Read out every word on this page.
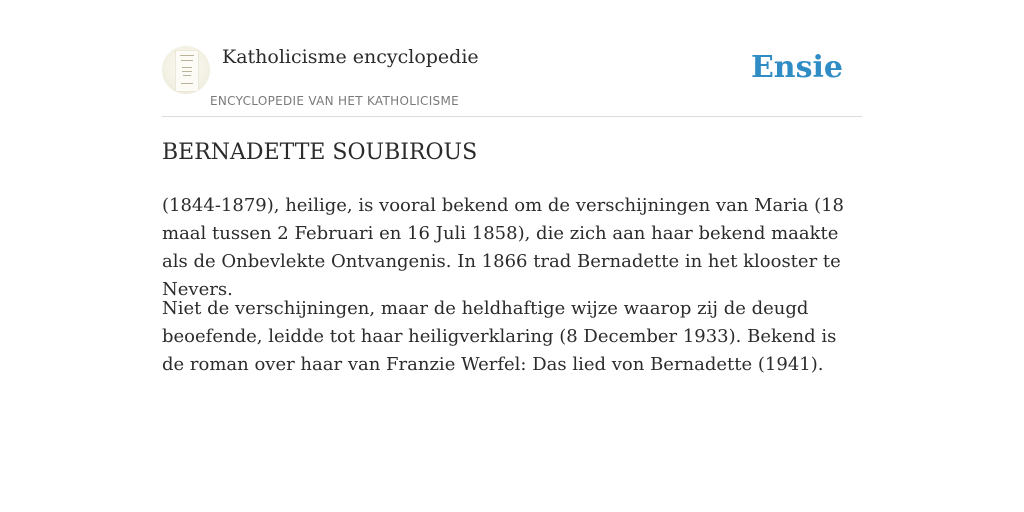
Katholicisme encyclopedie
ENCYCLOPEDIE VAN HET KATHOLICISME
Ensie
BERNADETTE SOUBIROUS

(1844-1879), heilige, is vooral bekend om de verschijningen van Maria (18 maal tussen 2 Februari en 16 Juli 1858), die zich aan haar bekend maakte als de Onbevlekte Ontvangenis. In 1866 trad Bernadette in het klooster te Nevers.

Niet de verschijningen, maar de heldhaftige wijze waarop zij de deugd beoefende, leidde tot haar heiligverklaring (8 December 1933). Bekend is de roman over haar van Franzie Werfel: Das lied von Bernadette (1941).
